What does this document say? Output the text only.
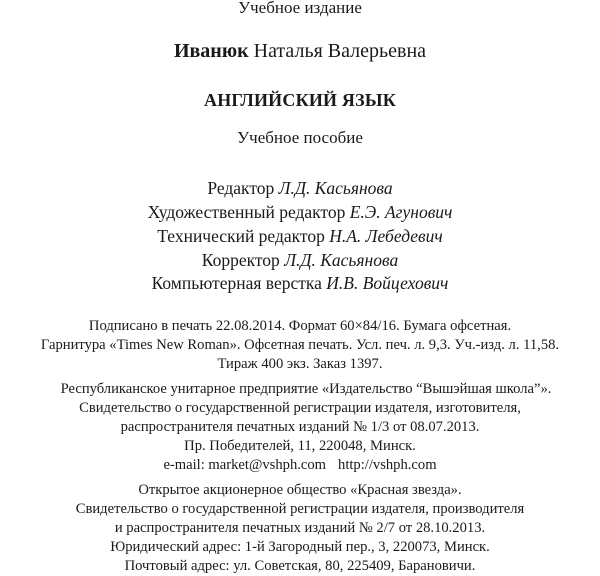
Учебное издание
Иванюк Наталья Валерьевна
АНГЛИЙСКИЙ ЯЗЫК
Учебное пособие
Редактор Л.Д. Касьянова
Художественный редактор Е.Э. Агунович
Технический редактор Н.А. Лебедевич
Корректор Л.Д. Касьянова
Компьютерная верстка И.В. Войцехович
Подписано в печать 22.08.2014. Формат 60×84/16. Бумага офсетная.
Гарнитура «Times New Roman». Офсетная печать. Усл. печ. л. 9,3. Уч.-изд. л. 11,58.
Тираж 400 экз. Заказ 1397.
Республиканское унитарное предприятие «Издательство “Вышэйшая школа”».
Свидетельство о государственной регистрации издателя, изготовителя,
распространителя печатных изданий № 1/3 от 08.07.2013.
Пр. Победителей, 11, 220048, Минск.
e-mail: market@vshph.com http://vshph.com
Открытое акционерное общество «Красная звезда».
Свидетельство о государственной регистрации издателя, производителя
и распространителя печатных изданий № 2/7 от 28.10.2013.
Юридический адрес: 1-й Загородный пер., 3, 220073, Минск.
Почтовый адрес: ул. Советская, 80, 225409, Барановичи.
